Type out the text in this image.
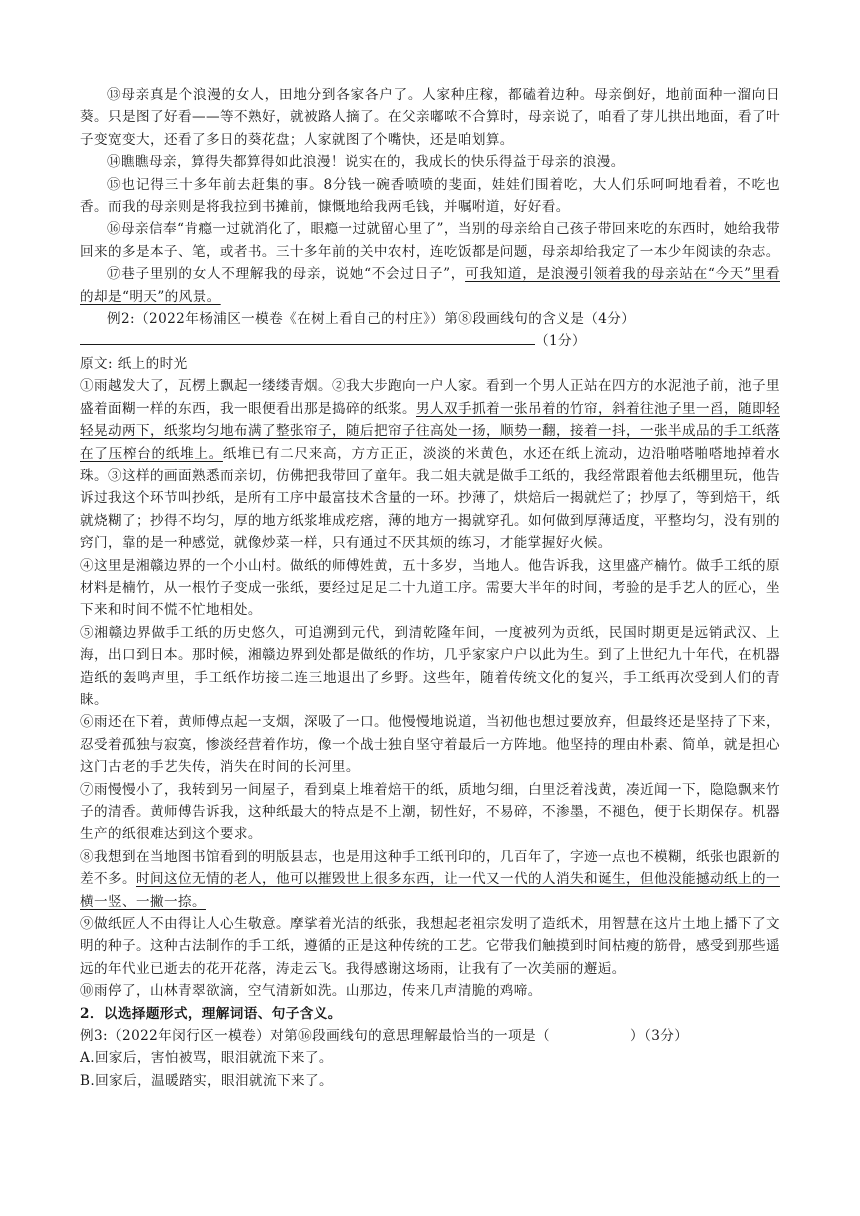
⑬母亲真是个浪漫的女人，田地分到各家各户了。人家种庄稼，都磕着边种。母亲倒好，地前面种一溜向日葵。只是图了好看——等不熟好，就被路人摘了。在父亲嘟哝不合算时，母亲说了，咱看了芽儿拱出地面，看了叶子变宽变大，还看了多日的葵花盘；人家就图了个嘴快，还是咱划算。

⑭瞧瞧母亲，算得失都算得如此浪漫！说实在的，我成长的快乐得益于母亲的浪漫。

⑮也记得三十多年前去赶集的事。8分钱一碗香喷喷的斐面，娃娃们围着吃，大人们乐呵呵地看着，不吃也香。而我的母亲则是将我拉到书摊前，慷慨地给我两毛钱，并嘱咐道，好好看。

⑯母亲信奉“肯瘾一过就消化了，眼瘾一过就留心里了”，当别的母亲给自己孩子带回来吃的东西时，她给我带回来的多是本子、笔，或者书。三十多年前的关中农村，连吃饭都是问题，母亲却给我定了一本少年阅读的杂志。

⑰巷子里别的女人不理解我的母亲，说她“不会过日子”，可我知道，是浪漫引领着我的母亲站在“今天”里看的却是“明天”的风景。

例2:（2022年杨浦区一模卷《在树上看自己的村庄》）第⑧段画线句的含义是（4分）

（1分）

原文: 纸上的时光

①雨越发大了，瓦楞上飘起一缕缕青烟。②我大步跑向一户人家。看到一个男人正站在四方的水泥池子前，池子里盛着面糊一样的东西，我一眼便看出那是捣碎的纸浆。男人双手抓着一张吊着的竹帘，斜着往池子里一舀，随即轻轻晃动两下，纸浆均匀地布满了整张帘子，随后把帘子往高处一扬，顺势一翻，接着一抖，一张半成品的手工纸落在了压榨台的纸堆上。纸堆已有二尺来高，方方正正，淡淡的米黄色，水还在纸上流动，边沿啪嗒啪嗒地掉着水珠。③这样的画面熟悉而亲切，仿佛把我带回了童年。我二姐夫就是做手工纸的，我经常跟着他去纸棚里玩，他告诉过我这个环节叫抄纸，是所有工序中最富技术含量的一环。抄薄了，烘焙后一揭就烂了；抄厚了，等到焙干，纸就烧糊了；抄得不均匀，厚的地方纸浆堆成疙瘩，薄的地方一揭就穿孔。如何做到厚薄适度，平整均匀，没有别的窍门，靠的是一种感觉，就像炒菜一样，只有通过不厌其烦的练习，才能掌握好火候。

④这里是湘赣边界的一个小山村。做纸的师傅姓黄，五十多岁，当地人。他告诉我，这里盛产楠竹。做手工纸的原材料是楠竹，从一根竹子变成一张纸，要经过足足二十九道工序。需要大半年的时间，考验的是手艺人的匠心，坐下来和时间不慌不忙地相处。

⑤湘赣边界做手工纸的历史悠久，可追溯到元代，到清乾隆年间，一度被列为贡纸，民国时期更是远销武汉、上海，出口到日本。那时候，湘赣边界到处都是做纸的作坊，几乎家家户户以此为生。到了上世纪九十年代，在机器造纸的轰鸣声里，手工纸作坊接二连三地退出了乡野。这些年，随着传统文化的复兴，手工纸再次受到人们的青睐。

⑥雨还在下着，黄师傅点起一支烟，深吸了一口。他慢慢地说道，当初他也想过要放弃，但最终还是坚持了下来，忍受着孤独与寂寞，惨淡经营着作坊，像一个战士独自坚守着最后一方阵地。他坚持的理由朴素、简单，就是担心这门古老的手艺失传，消失在时间的长河里。

⑦雨慢慢小了，我转到另一间屋子，看到桌上堆着焙干的纸，质地匀细，白里泛着浅黄，凑近闻一下，隐隐飘来竹子的清香。黄师傅告诉我，这种纸最大的特点是不上潮，韧性好，不易碎，不渗墨，不褪色，便于长期保存。机器生产的纸很难达到这个要求。

⑧我想到在当地图书馆看到的明版县志，也是用这种手工纸刊印的，几百年了，字迹一点也不模糊，纸张也跟新的差不多。时间这位无情的老人，他可以摧毁世上很多东西，让一代又一代的人消失和诞生，但他没能撼动纸上的一横一竖、一撇一捺。

⑨做纸匠人不由得让人心生敬意。摩挲着光洁的纸张，我想起老祖宗发明了造纸术，用智慧在这片土地上播下了文明的种子。这种古法制作的手工纸，遵循的正是这种传统的工艺。它带我们触摸到时间枯瘦的筋骨，感受到那些遥远的年代业已逝去的花开花落，涛走云飞。我得感谢这场雨，让我有了一次美丽的邂逅。

⑩雨停了，山林青翠欲滴，空气清新如洗。山那边，传来几声清脆的鸡啼。

2．以选择题形式，理解词语、句子含义。

例3:（2022年闵行区一模卷）对第⑯段画线句的意思理解最恰当的一项是（	）（3分）

A.回家后，害怕被骂，眼泪就流下来了。

B.回家后，温暖踏实，眼泪就流下来了。
